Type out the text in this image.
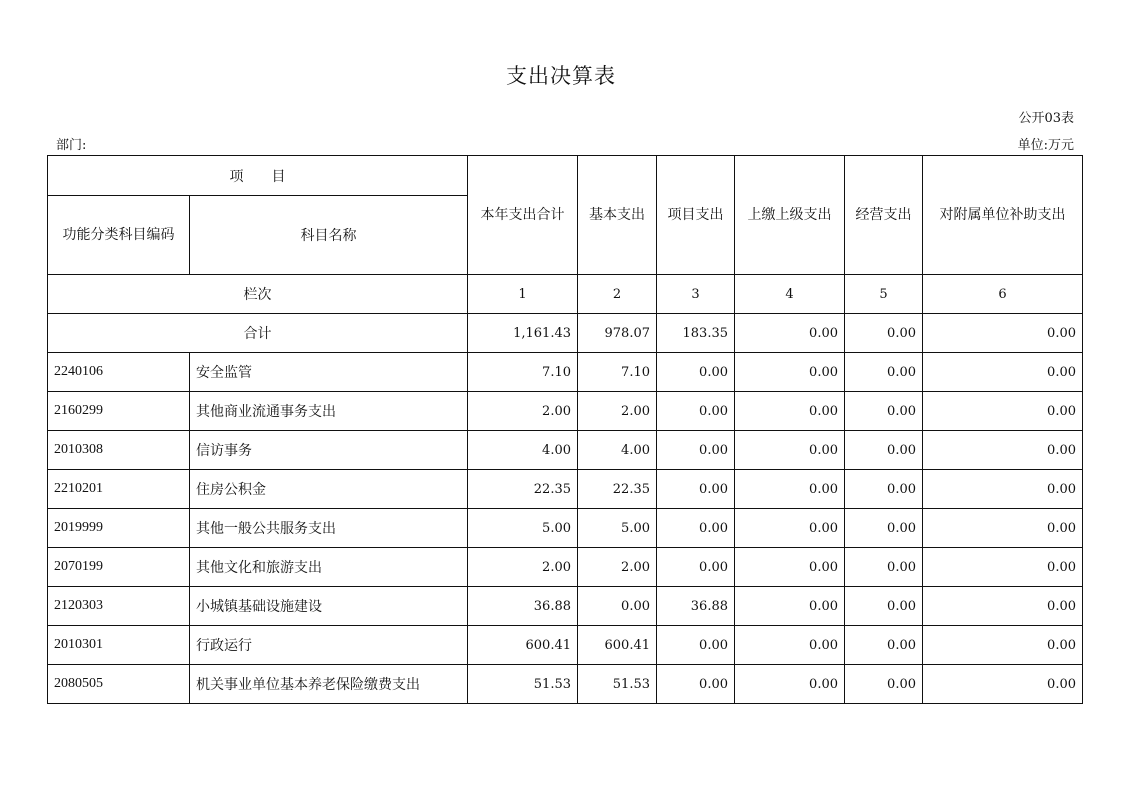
支出决算表
公开03表
部门:	单位:万元
项　　目		本年支出合计	基本支出	项目支出	上缴上级支出	经营支出	对附属单位补助支出
功能分类科目编码	科目名称						
栏次		1	2	3	4	5	6
合计		1,161.43	978.07	183.35	0.00	0.00	0.00
2240106	安全监管	7.10	7.10	0.00	0.00	0.00	0.00
2160299	其他商业流通事务支出	2.00	2.00	0.00	0.00	0.00	0.00
2010308	信访事务	4.00	4.00	0.00	0.00	0.00	0.00
2210201	住房公积金	22.35	22.35	0.00	0.00	0.00	0.00
2019999	其他一般公共服务支出	5.00	5.00	0.00	0.00	0.00	0.00
2070199	其他文化和旅游支出	2.00	2.00	0.00	0.00	0.00	0.00
2120303	小城镇基础设施建设	36.88	0.00	36.88	0.00	0.00	0.00
2010301	行政运行	600.41	600.41	0.00	0.00	0.00	0.00
2080505	机关事业单位基本养老保险缴费支出	51.53	51.53	0.00	0.00	0.00	0.00
